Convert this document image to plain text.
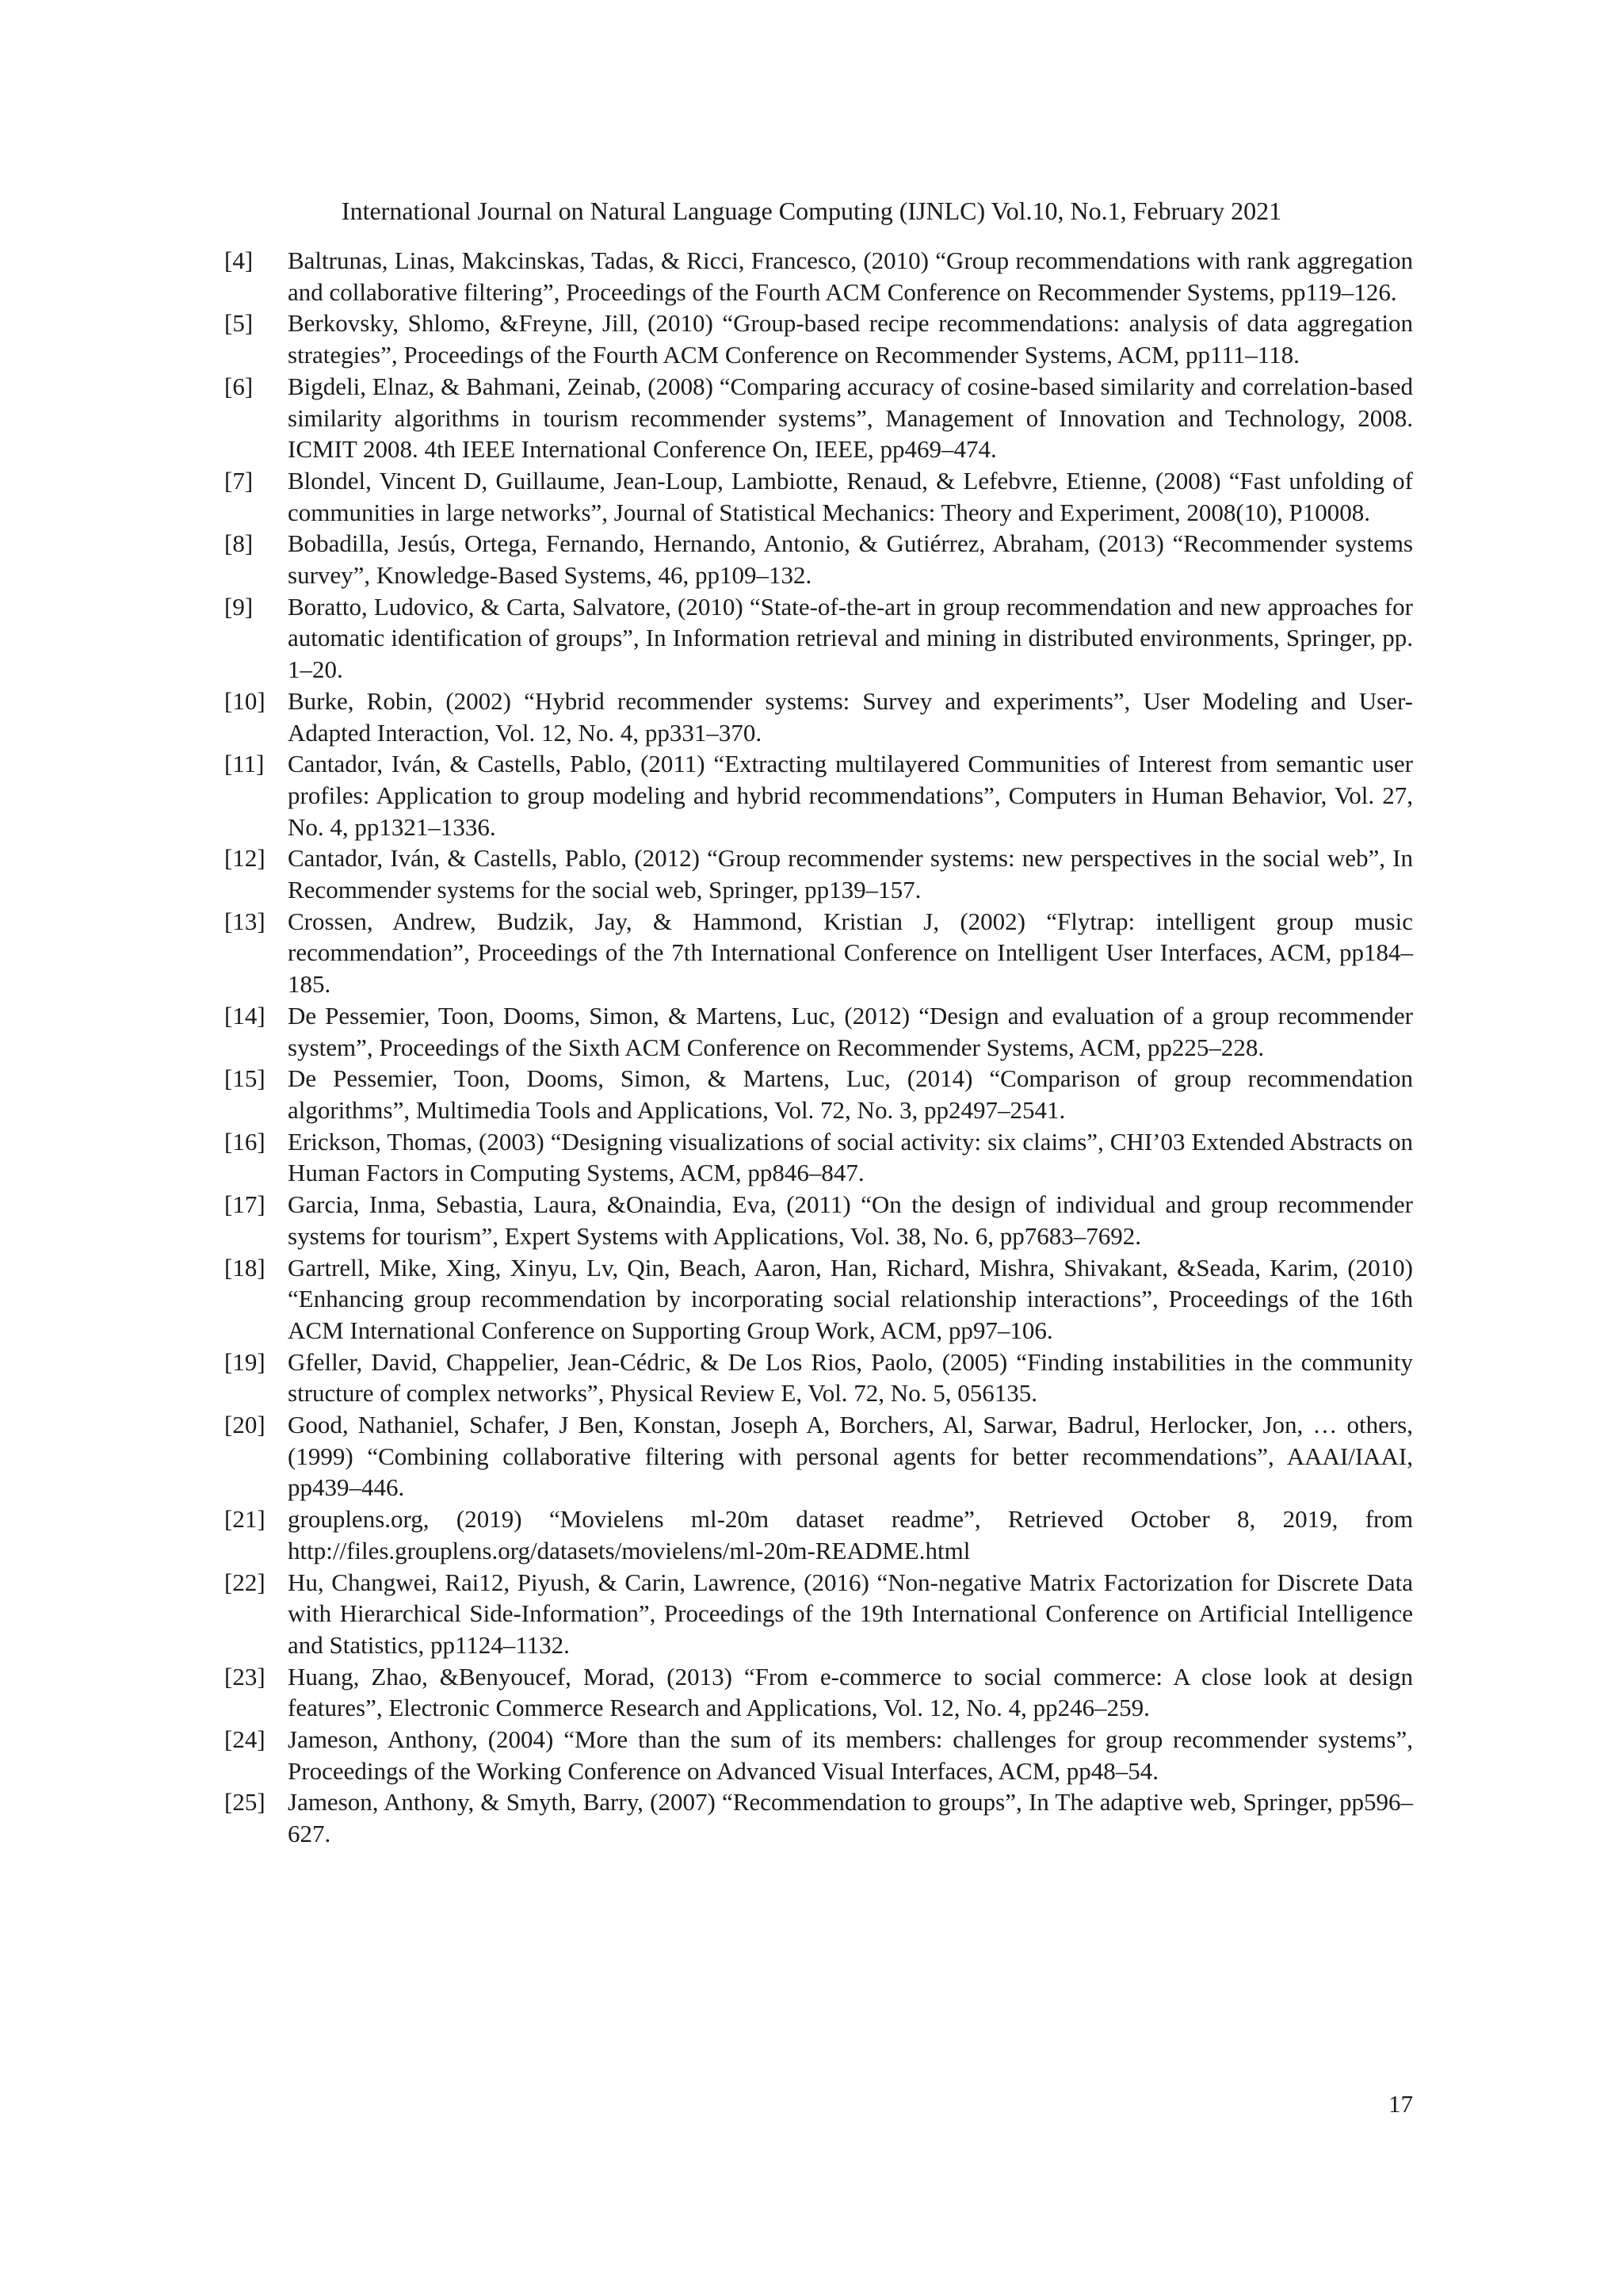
International Journal on Natural Language Computing (IJNLC) Vol.10, No.1, February 2021
[4] Baltrunas, Linas, Makcinskas, Tadas, & Ricci, Francesco, (2010) “Group recommendations with rank aggregation and collaborative filtering”, Proceedings of the Fourth ACM Conference on Recommender Systems, pp119–126.
[5] Berkovsky, Shlomo, &Freyne, Jill, (2010) “Group-based recipe recommendations: analysis of data aggregation strategies”, Proceedings of the Fourth ACM Conference on Recommender Systems, ACM, pp111–118.
[6] Bigdeli, Elnaz, & Bahmani, Zeinab, (2008) “Comparing accuracy of cosine-based similarity and correlation-based similarity algorithms in tourism recommender systems”, Management of Innovation and Technology, 2008. ICMIT 2008. 4th IEEE International Conference On, IEEE, pp469–474.
[7] Blondel, Vincent D, Guillaume, Jean-Loup, Lambiotte, Renaud, & Lefebvre, Etienne, (2008) “Fast unfolding of communities in large networks”, Journal of Statistical Mechanics: Theory and Experiment, 2008(10), P10008.
[8] Bobadilla, Jesús, Ortega, Fernando, Hernando, Antonio, & Gutiérrez, Abraham, (2013) “Recommender systems survey”, Knowledge-Based Systems, 46, pp109–132.
[9] Boratto, Ludovico, & Carta, Salvatore, (2010) “State-of-the-art in group recommendation and new approaches for automatic identification of groups”, In Information retrieval and mining in distributed environments, Springer, pp. 1–20.
[10] Burke, Robin, (2002) “Hybrid recommender systems: Survey and experiments”, User Modeling and User-Adapted Interaction, Vol. 12, No. 4, pp331–370.
[11] Cantador, Iván, & Castells, Pablo, (2011) “Extracting multilayered Communities of Interest from semantic user profiles: Application to group modeling and hybrid recommendations”, Computers in Human Behavior, Vol. 27, No. 4, pp1321–1336.
[12] Cantador, Iván, & Castells, Pablo, (2012) “Group recommender systems: new perspectives in the social web”, In Recommender systems for the social web, Springer, pp139–157.
[13] Crossen, Andrew, Budzik, Jay, & Hammond, Kristian J, (2002) “Flytrap: intelligent group music recommendation”, Proceedings of the 7th International Conference on Intelligent User Interfaces, ACM, pp184–185.
[14] De Pessemier, Toon, Dooms, Simon, & Martens, Luc, (2012) “Design and evaluation of a group recommender system”, Proceedings of the Sixth ACM Conference on Recommender Systems, ACM, pp225–228.
[15] De Pessemier, Toon, Dooms, Simon, & Martens, Luc, (2014) “Comparison of group recommendation algorithms”, Multimedia Tools and Applications, Vol. 72, No. 3, pp2497–2541.
[16] Erickson, Thomas, (2003) “Designing visualizations of social activity: six claims”, CHI’03 Extended Abstracts on Human Factors in Computing Systems, ACM, pp846–847.
[17] Garcia, Inma, Sebastia, Laura, &Onaindia, Eva, (2011) “On the design of individual and group recommender systems for tourism”, Expert Systems with Applications, Vol. 38, No. 6, pp7683–7692.
[18] Gartrell, Mike, Xing, Xinyu, Lv, Qin, Beach, Aaron, Han, Richard, Mishra, Shivakant, &Seada, Karim, (2010) “Enhancing group recommendation by incorporating social relationship interactions”, Proceedings of the 16th ACM International Conference on Supporting Group Work, ACM, pp97–106.
[19] Gfeller, David, Chappelier, Jean-Cédric, & De Los Rios, Paolo, (2005) “Finding instabilities in the community structure of complex networks”, Physical Review E, Vol. 72, No. 5, 056135.
[20] Good, Nathaniel, Schafer, J Ben, Konstan, Joseph A, Borchers, Al, Sarwar, Badrul, Herlocker, Jon, … others, (1999) “Combining collaborative filtering with personal agents for better recommendations”, AAAI/IAAI, pp439–446.
[21] grouplens.org, (2019) “Movielens ml-20m dataset readme”, Retrieved October 8, 2019, from http://files.grouplens.org/datasets/movielens/ml-20m-README.html
[22] Hu, Changwei, Rai12, Piyush, & Carin, Lawrence, (2016) “Non-negative Matrix Factorization for Discrete Data with Hierarchical Side-Information”, Proceedings of the 19th International Conference on Artificial Intelligence and Statistics, pp1124–1132.
[23] Huang, Zhao, &Benyoucef, Morad, (2013) “From e-commerce to social commerce: A close look at design features”, Electronic Commerce Research and Applications, Vol. 12, No. 4, pp246–259.
[24] Jameson, Anthony, (2004) “More than the sum of its members: challenges for group recommender systems”, Proceedings of the Working Conference on Advanced Visual Interfaces, ACM, pp48–54.
[25] Jameson, Anthony, & Smyth, Barry, (2007) “Recommendation to groups”, In The adaptive web, Springer, pp596–627.
17
